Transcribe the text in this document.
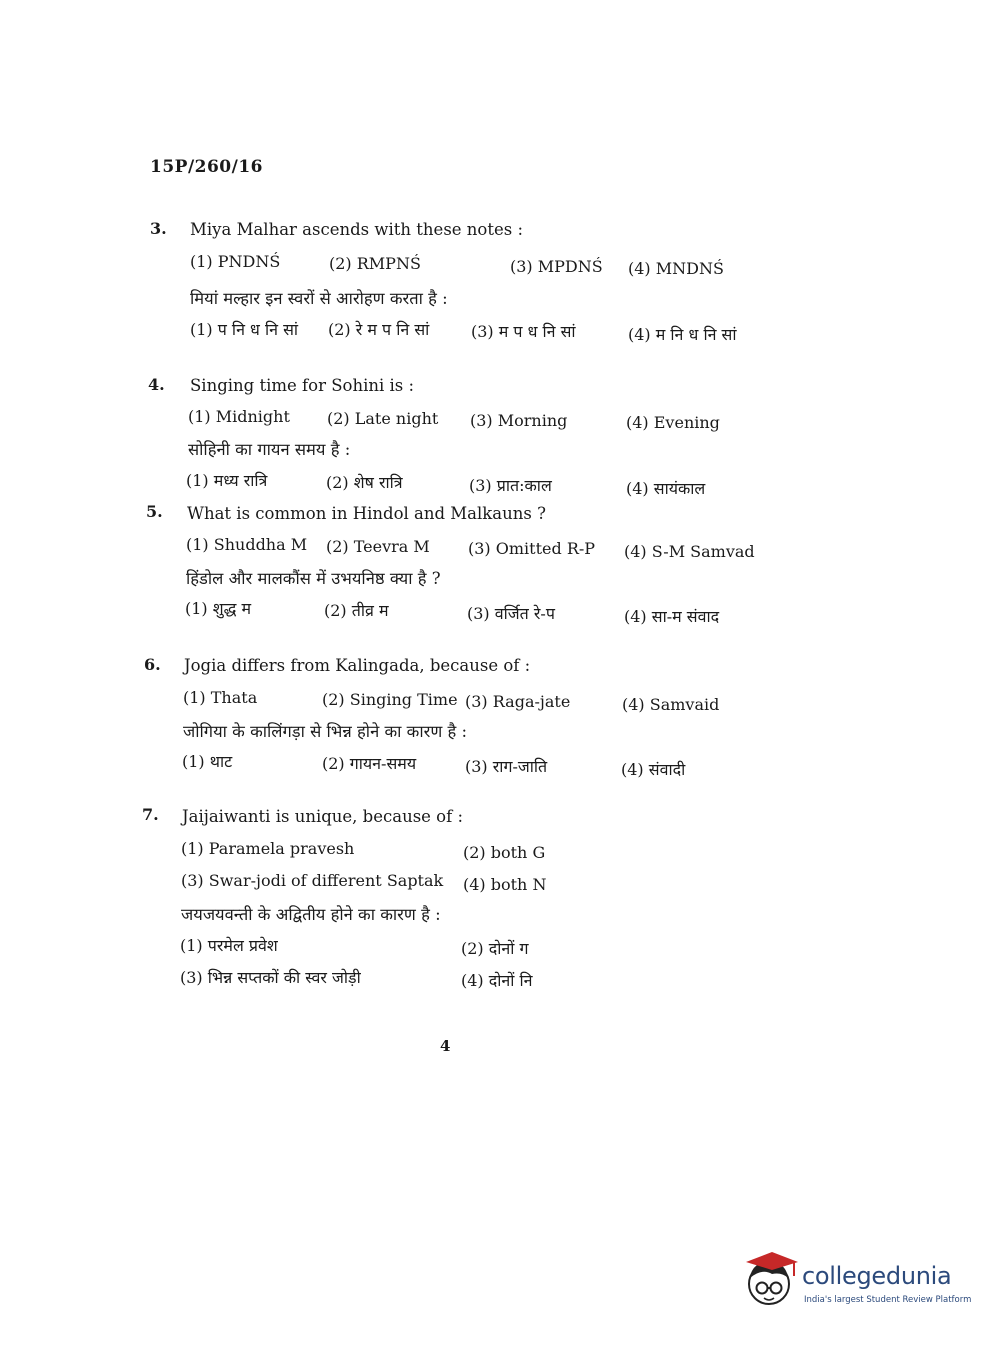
15P/260/16
3. Miya Malhar ascends with these notes :
(1) PNDNŚ	(2) RMPNŚ	(3) MPDNŚ (4) MNDNŚ
मियां मल्हार इन स्वरों से आरोहण करता है :
(1) प नि ध नि सां (2) रे म प नि सां	(3) म प ध नि सां	(4) म नि ध नि सां
4. Singing time for Sohini is :
(1) Midnight (2) Late night (3) Morning	(4) Evening
सोहिनी का गायन समय है :
(1) मध्य रात्रि	(2) शेष रात्रि	(3) प्रात:काल	(4) सायंकाल
5. What is common in Hindol and Malkauns ?
(1) Shuddha M (2) Teevra M (3) Omitted R-P (4) S-M Samvad
हिंडोल और मालकौंस में उभयनिष्ठ क्या है ?
(1) शुद्ध म	(2) तीव्र म	(3) वर्जित रे-प	(4) सा-म संवाद
6. Jogia differs from Kalingada, because of :
(1) Thata	(2) Singing Time (3) Raga-jate	(4) Samvaid
जोगिया के कालिंगड़ा से भिन्न होने का कारण है :
(1) थाट	(2) गायन-समय	(3) राग-जाति	(4) संवादी
7. Jaijaiwanti is unique, because of :
(1) Paramela pravesh	(2) both G
(3) Swar-jodi of different Saptak (4) both N
जयजयवन्ती के अद्वितीय होने का कारण है :
(1) परमेल प्रवेश	(2) दोनों ग
(3) भिन्न सप्तकों की स्वर जोड़ी	(4) दोनों नि
4
collegedunia
India's largest Student Review Platform
